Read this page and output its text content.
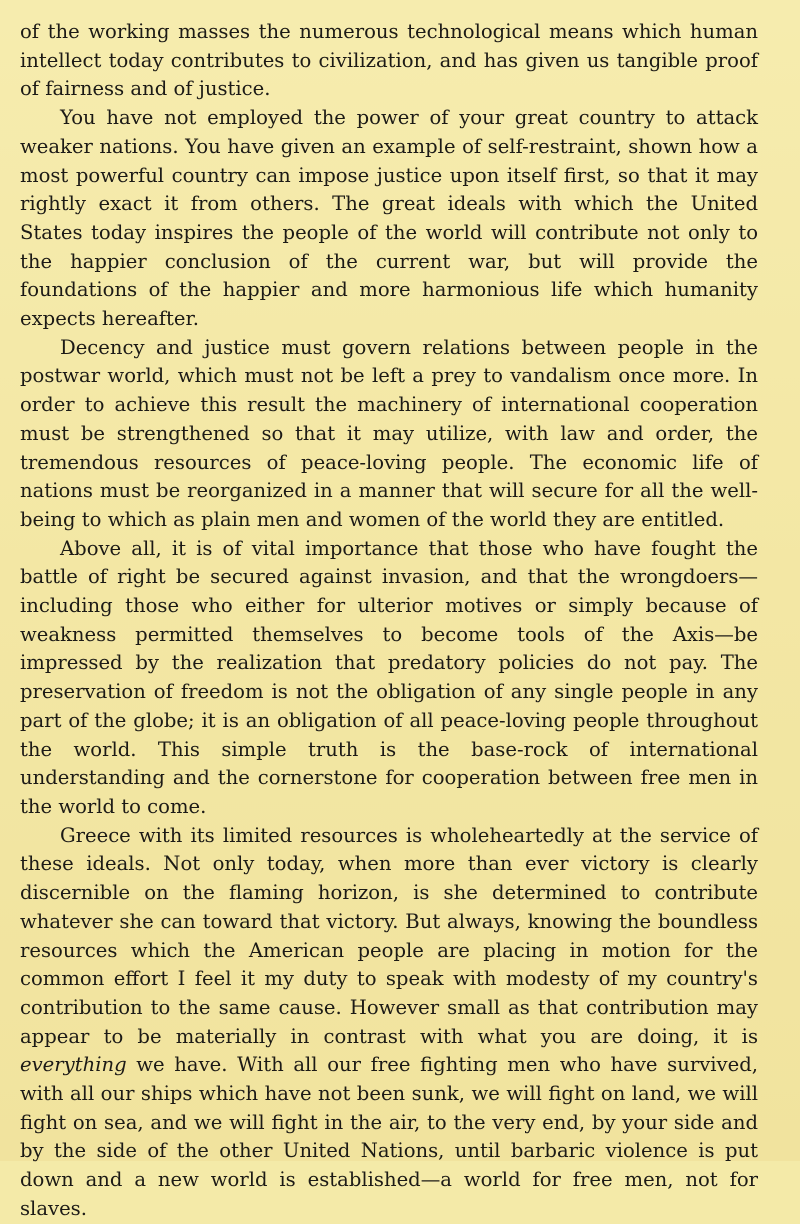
of the working masses the numerous technological means which human intellect today contributes to civilization, and has given us tangible proof of fairness and of justice.

You have not employed the power of your great country to attack weaker nations. You have given an example of self-restraint, shown how a most powerful country can impose justice upon itself first, so that it may rightly exact it from others. The great ideals with which the United States today inspires the people of the world will contribute not only to the happier conclusion of the current war, but will provide the foundations of the happier and more harmonious life which humanity expects hereafter.

Decency and justice must govern relations between people in the postwar world, which must not be left a prey to vandalism once more. In order to achieve this result the machinery of international cooperation must be strengthened so that it may utilize, with law and order, the tremendous resources of peace-loving people. The economic life of nations must be reorganized in a manner that will secure for all the well-being to which as plain men and women of the world they are entitled.

Above all, it is of vital importance that those who have fought the battle of right be secured against invasion, and that the wrongdoers—including those who either for ulterior motives or simply because of weakness permitted themselves to become tools of the Axis—be impressed by the realization that predatory policies do not pay. The preservation of freedom is not the obligation of any single people in any part of the globe; it is an obligation of all peace-loving people throughout the world. This simple truth is the base-rock of international understanding and the cornerstone for cooperation between free men in the world to come.

Greece with its limited resources is wholeheartedly at the service of these ideals. Not only today, when more than ever victory is clearly discernible on the flaming horizon, is she determined to contribute whatever she can toward that victory. But always, knowing the boundless resources which the American people are placing in motion for the common effort I feel it my duty to speak with modesty of my country's contribution to the same cause. However small as that contribution may appear to be materially in contrast with what you are doing, it is everything we have. With all our free fighting men who have survived, with all our ships which have not been sunk, we will fight on land, we will fight on sea, and we will fight in the air, to the very end, by your side and by the side of the other United Nations, until barbaric violence is put down and a new world is established—a world for free men, not for slaves.
